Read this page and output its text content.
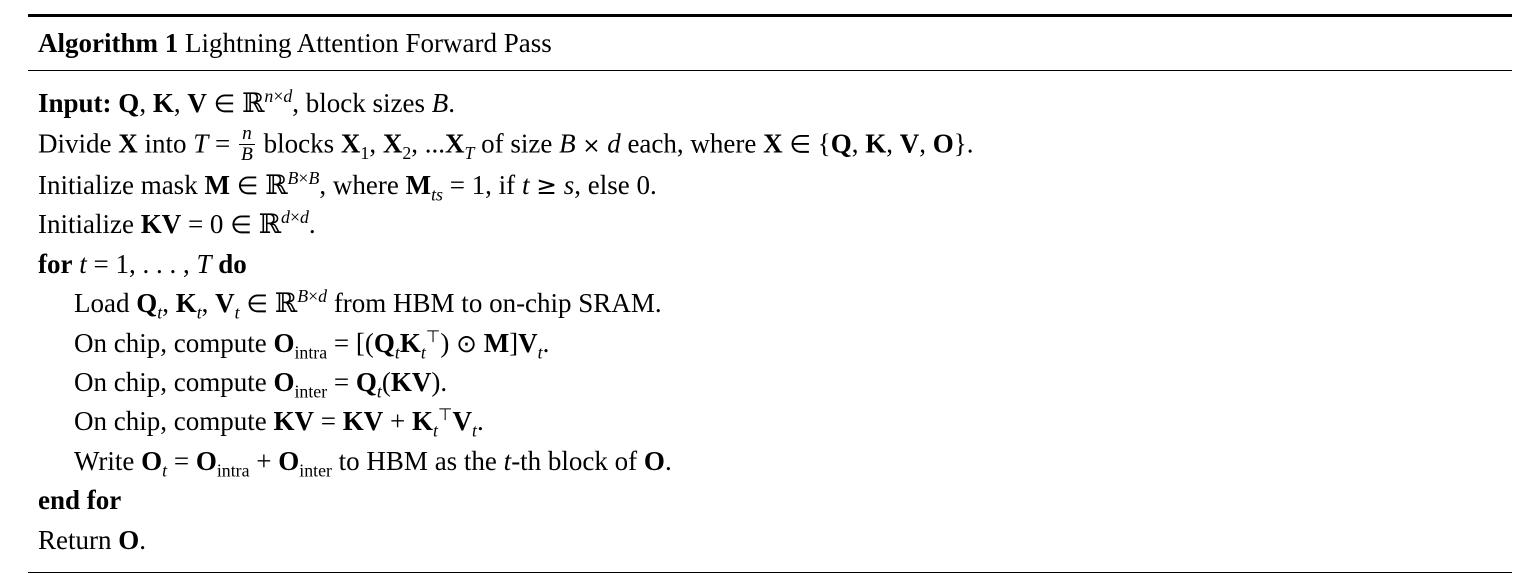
Algorithm 1 Lightning Attention Forward Pass
Input: Q, K, V ∈ ℝ$^{n\times d}$, block sizes B.
Divide X into $T = \frac{n}{B}$ blocks $X_1$, $X_2$, $...X_T$ of size B × d each, where X ∈ {Q, K, V, O}.
Initialize mask M ∈ ℝ$^{B\times B}$, where $M_{ts} = 1$, if t ≥ s, else 0.
Initialize KV = 0 ∈ ℝ$^{d\times d}$.
for t = 1, . . . , T do
Load $Q_t$, $K_t$, $V_t$ ∈ ℝ$^{B\times d}$ from HBM to on-chip SRAM.
On chip, compute $O_{intra} = [(Q_tK_t^⊤)$ ⊙ $M]V_t$.
On chip, compute $O_{inter} = Q_t(KV)$.
On chip, compute KV = KV + $K_t^⊤V_t$.
Write $O_t = O_{intra} + O_{inter}$ to HBM as the t-th block of O.
end for
Return O.
